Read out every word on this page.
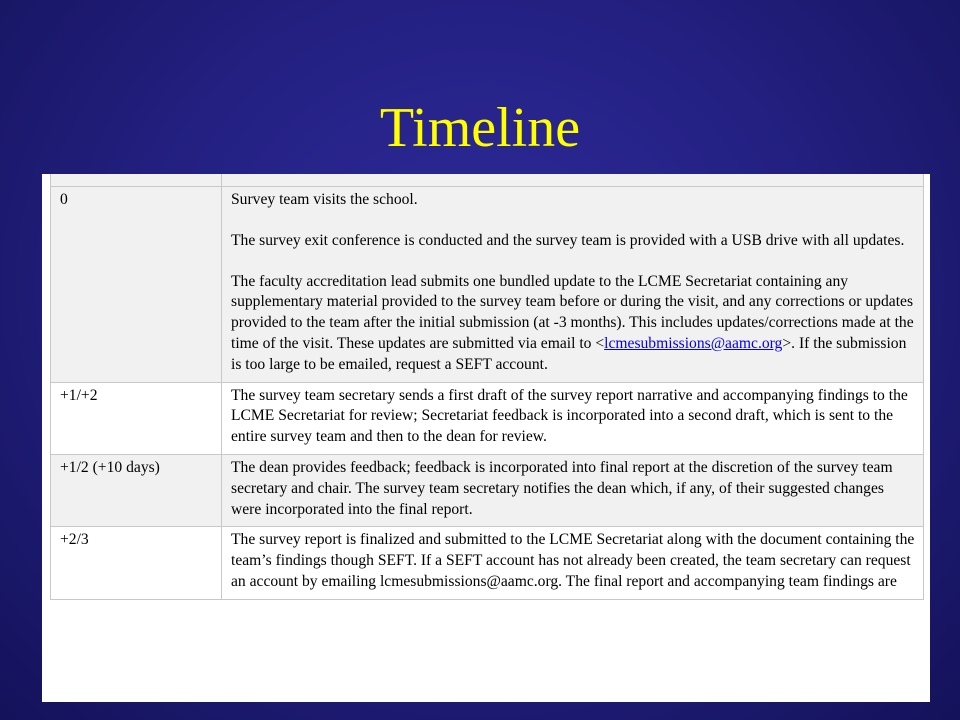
Timeline
0	Survey team visits the school.

The survey exit conference is conducted and the survey team is provided with a USB drive with all updates.

The faculty accreditation lead submits one bundled update to the LCME Secretariat containing any supplementary material provided to the survey team before or during the visit, and any corrections or updates provided to the team after the initial submission (at -3 months). This includes updates/corrections made at the time of the visit. These updates are submitted via email to <lcmesubmissions@aamc.org>. If the submission is too large to be emailed, request a SEFT account.

+1/+2	The survey team secretary sends a first draft of the survey report narrative and accompanying findings to the LCME Secretariat for review; Secretariat feedback is incorporated into a second draft, which is sent to the entire survey team and then to the dean for review.

+1/2 (+10 days)	The dean provides feedback; feedback is incorporated into final report at the discretion of the survey team secretary and chair. The survey team secretary notifies the dean which, if any, of their suggested changes were incorporated into the final report.

+2/3	The survey report is finalized and submitted to the LCME Secretariat along with the document containing the team’s findings though SEFT. If a SEFT account has not already been created, the team secretary can request an account by emailing lcmesubmissions@aamc.org. The final report and accompanying team findings are
